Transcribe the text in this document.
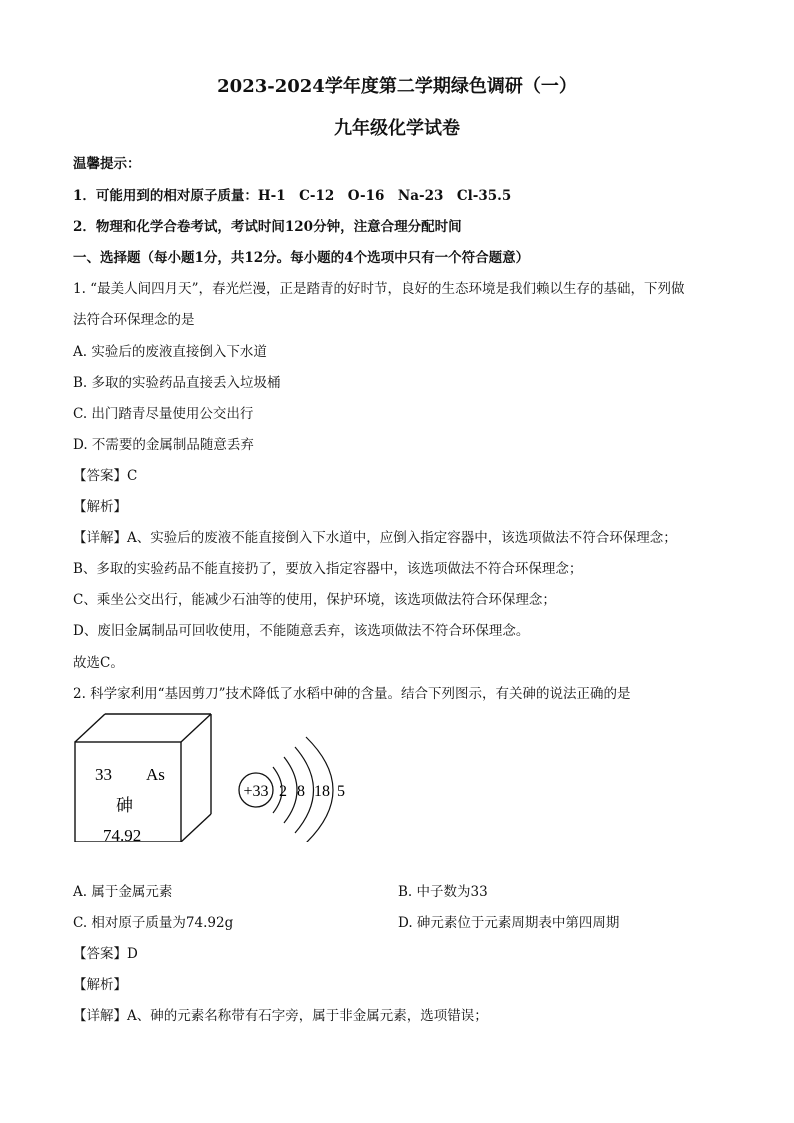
2023-2024学年度第二学期绿色调研（一）
九年级化学试卷
温馨提示：
1．可能用到的相对原子质量：H-1　C-12　O-16　Na-23　Cl-35.5
2．物理和化学合卷考试，考试时间120分钟，注意合理分配时间
一、选择题（每小题1分，共12分。每小题的4个选项中只有一个符合题意）
1. “最美人间四月天”，春光烂漫，正是踏青的好时节，良好的生态环境是我们赖以生存的基础，下列做
法符合环保理念的是
A. 实验后的废液直接倒入下水道
B. 多取的实验药品直接丢入垃圾桶
C. 出门踏青尽量使用公交出行
D. 不需要的金属制品随意丢弃
【答案】C
【解析】
【详解】A、实验后的废液不能直接倒入下水道中，应倒入指定容器中，该选项做法不符合环保理念；
B、多取的实验药品不能直接扔了，要放入指定容器中，该选项做法不符合环保理念；
C、乘坐公交出行，能减少石油等的使用，保护环境，该选项做法符合环保理念；
D、废旧金属制品可回收使用，不能随意丢弃，该选项做法不符合环保理念。
故选C。
2. 科学家利用“基因剪刀”技术降低了水稻中砷的含量。结合下列图示，有关砷的说法正确的是
33 As
砷
74.92
+33 2 8 18 5
A. 属于金属元素	B. 中子数为33
C. 相对原子质量为74.92g	D. 砷元素位于元素周期表中第四周期
【答案】D
【解析】
【详解】A、砷的元素名称带有石字旁，属于非金属元素，选项错误；
